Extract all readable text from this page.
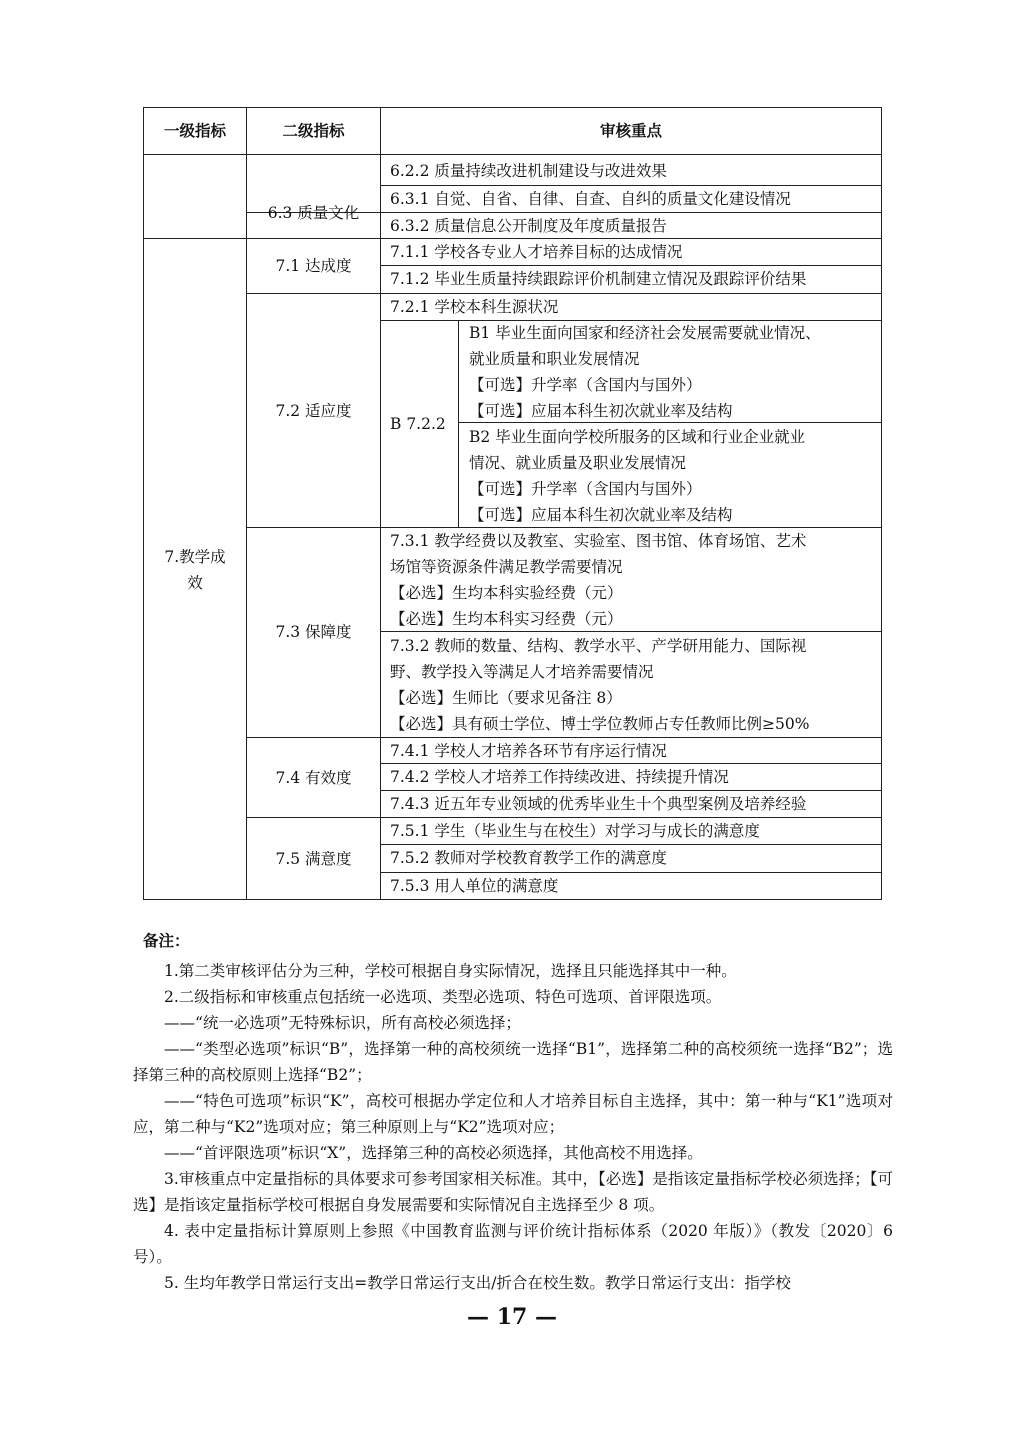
一级指标	二级指标	审核重点
6.2.2 质量持续改进机制建设与改进效果
6.3 质量文化
6.3.1 自觉、自省、自律、自查、自纠的质量文化建设情况
6.3.2 质量信息公开制度及年度质量报告
7.教学成效
7.1 达成度
7.1.1 学校各专业人才培养目标的达成情况
7.1.2 毕业生质量持续跟踪评价机制建立情况及跟踪评价结果
7.2 适应度
7.2.1 学校本科生源状况
B 7.2.2
B1 毕业生面向国家和经济社会发展需要就业情况、
就业质量和职业发展情况
【可选】升学率（含国内与国外）
【可选】应届本科生初次就业率及结构
B2 毕业生面向学校所服务的区域和行业企业就业
情况、就业质量及职业发展情况
【可选】升学率（含国内与国外）
【可选】应届本科生初次就业率及结构
7.3 保障度
7.3.1 教学经费以及教室、实验室、图书馆、体育场馆、艺术
场馆等资源条件满足教学需要情况
【必选】生均本科实验经费（元）
【必选】生均本科实习经费（元）
7.3.2 教师的数量、结构、教学水平、产学研用能力、国际视
野、教学投入等满足人才培养需要情况
【必选】生师比（要求见备注 8）
【必选】具有硕士学位、博士学位教师占专任教师比例≥50%
7.4 有效度
7.4.1 学校人才培养各环节有序运行情况
7.4.2 学校人才培养工作持续改进、持续提升情况
7.4.3 近五年专业领域的优秀毕业生十个典型案例及培养经验
7.5 满意度
7.5.1 学生（毕业生与在校生）对学习与成长的满意度
7.5.2 教师对学校教育教学工作的满意度
7.5.3 用人单位的满意度

备注：

1.第二类审核评估分为三种，学校可根据自身实际情况，选择且只能选择其中一种。

2.二级指标和审核重点包括统一必选项、类型必选项、特色可选项、首评限选项。

——“统一必选项”无特殊标识，所有高校必须选择；

——“类型必选项”标识“B”，选择第一种的高校须统一选择“B1”，选择第二种的高校须统一选择“B2”；选择第三种的高校原则上选择“B2”；

——“特色可选项”标识“K”，高校可根据办学定位和人才培养目标自主选择，其中：第一种与“K1”选项对应，第二种与“K2”选项对应；第三种原则上与“K2”选项对应；

——“首评限选项”标识“X”，选择第三种的高校必须选择，其他高校不用选择。

3.审核重点中定量指标的具体要求可参考国家相关标准。其中，【必选】是指该定量指标学校必须选择；【可选】是指该定量指标学校可根据自身发展需要和实际情况自主选择至少 8 项。

4. 表中定量指标计算原则上参照《中国教育监测与评价统计指标体系（2020 年版）》（教发〔2020〕6 号）。

5. 生均年教学日常运行支出=教学日常运行支出/折合在校生数。教学日常运行支出：指学校

— 17 —
